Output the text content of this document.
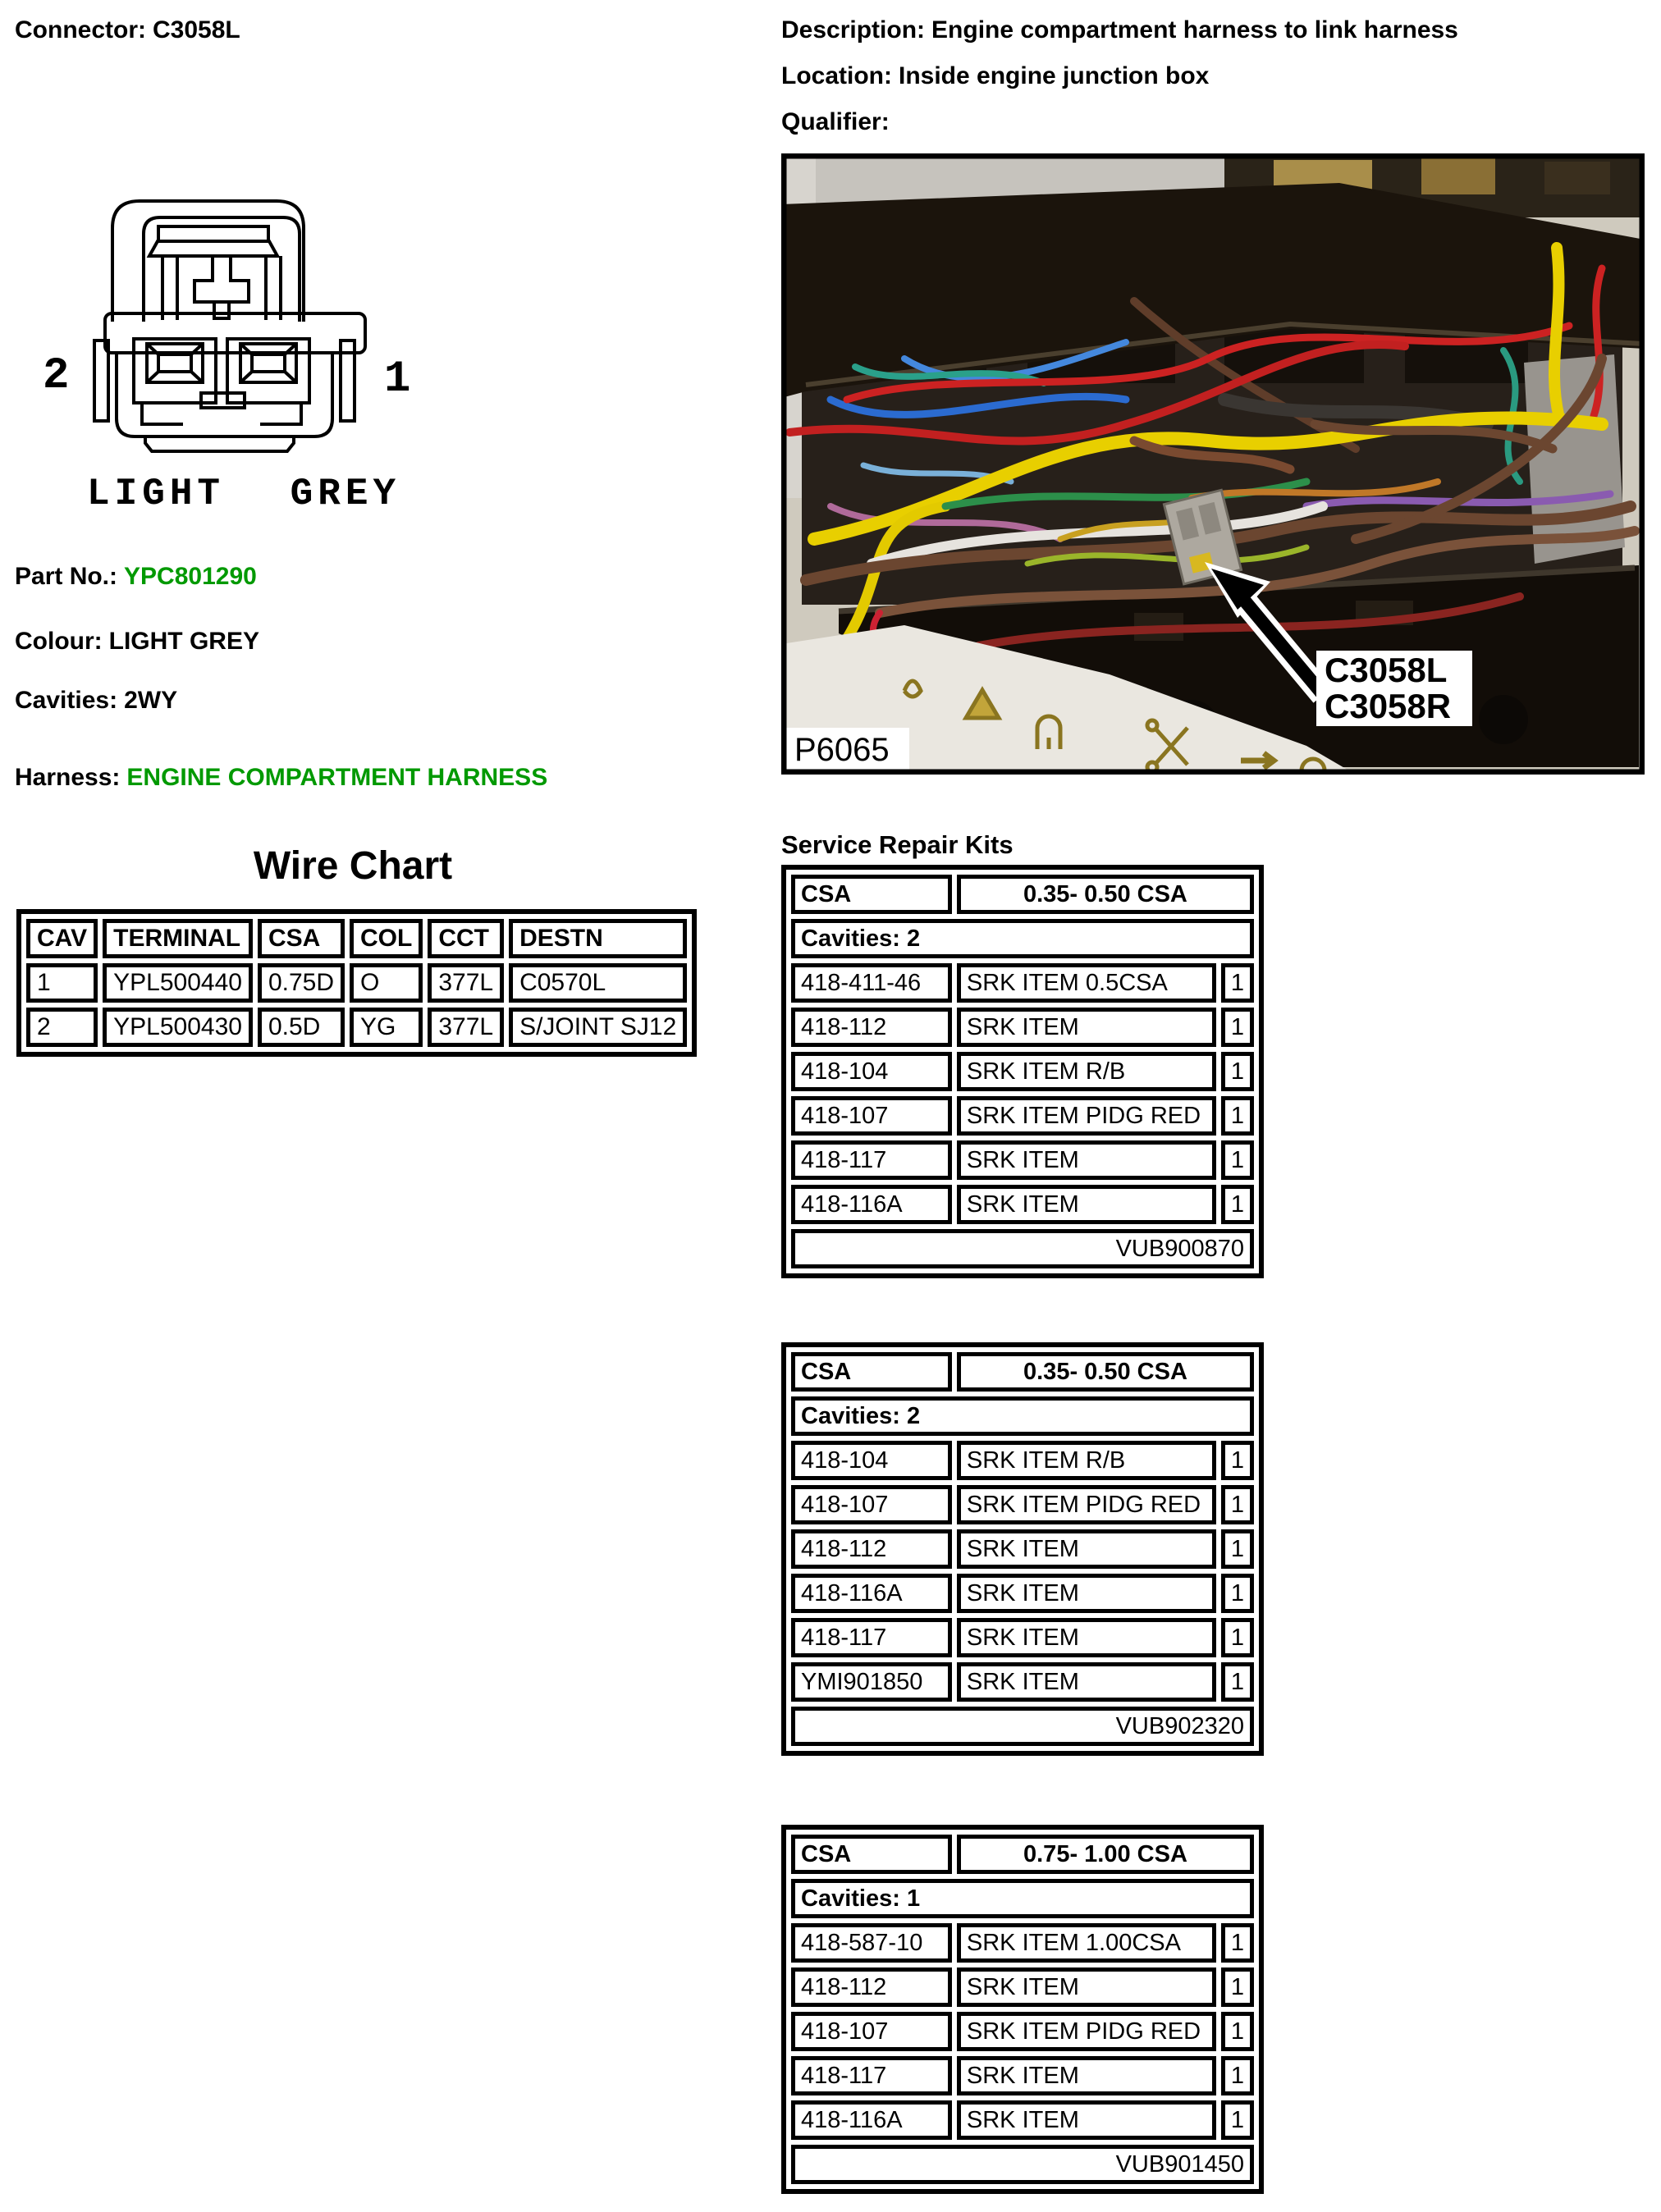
Connector: C3058L	Description: Engine compartment harness to link harness
Location: Inside engine junction box
Qualifier:
2	1
LIGHT GREY
Part No.: YPC801290
Colour: LIGHT GREY
Cavities: 2WY
Harness: ENGINE COMPARTMENT HARNESS
Wire Chart
CAV	TERMINAL	CSA	COL	CCT	DESTN
1	YPL500440	0.75D	O	377L	C0570L
2	YPL500430	0.5D	YG	377L	S/JOINT SJ12
C3058L
C3058R
P6065
Service Repair Kits
CSA	0.35- 0.50 CSA	
Cavities: 2		
418-411-46	SRK ITEM 0.5CSA	1
418-112	SRK ITEM	1
418-104	SRK ITEM R/B	1
418-107	SRK ITEM PIDG RED	1
418-117	SRK ITEM	1
418-116A	SRK ITEM	1
VUB900870		
CSA	0.35- 0.50 CSA	
Cavities: 2		
418-104	SRK ITEM R/B	1
418-107	SRK ITEM PIDG RED	1
418-112	SRK ITEM	1
418-116A	SRK ITEM	1
418-117	SRK ITEM	1
YMI901850	SRK ITEM	1
VUB902320		
CSA	0.75- 1.00 CSA	
Cavities: 1		
418-587-10	SRK ITEM 1.00CSA	1
418-112	SRK ITEM	1
418-107	SRK ITEM PIDG RED	1
418-117	SRK ITEM	1
418-116A	SRK ITEM	1
VUB901450		
